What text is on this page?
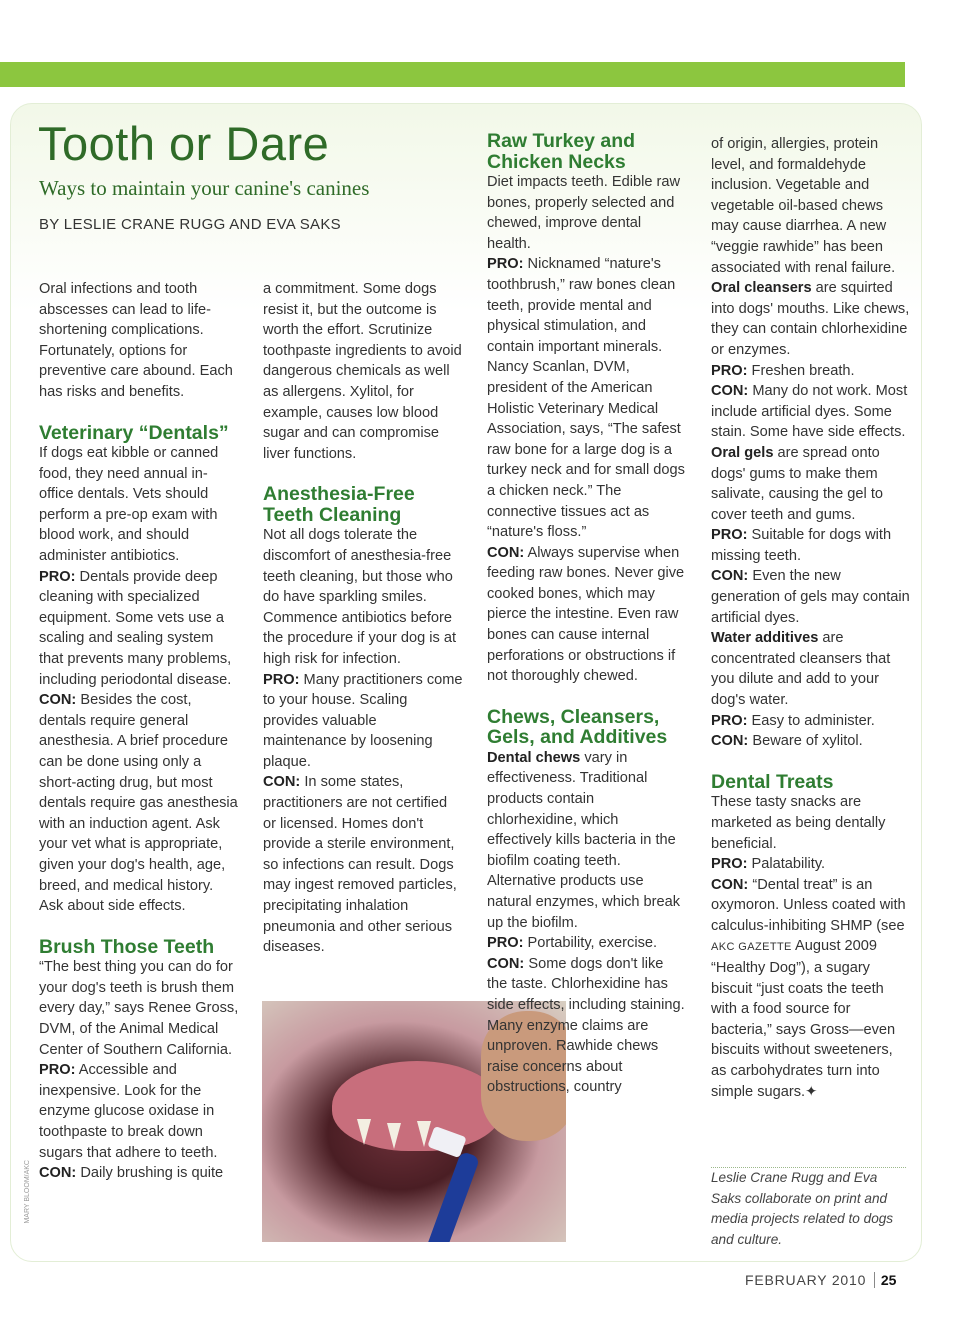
Tooth or Dare

Ways to maintain your canine's canines

BY LESLIE CRANE RUGG AND EVA SAKS

Oral infections and tooth abscesses can lead to life-shortening complications. Fortunately, options for preventive care abound. Each has risks and benefits.

Veterinary “Dentals”

If dogs eat kibble or canned food, they need annual in-office dentals. Vets should perform a pre-op exam with blood work, and should administer antibiotics.

PRO: Dentals provide deep cleaning with specialized equipment. Some vets use a scaling and sealing system that prevents many problems, including periodontal disease.

CON: Besides the cost, dentals require general anesthesia. A brief procedure can be done using only a short-acting drug, but most dentals require gas anesthesia with an induction agent. Ask your vet what is appropriate, given your dog's health, age, breed, and medical history. Ask about side effects.

Brush Those Teeth

“The best thing you can do for your dog's teeth is brush them every day,” says Renee Gross, DVM, of the Animal Medical Center of Southern California.

PRO: Accessible and inexpensive. Look for the enzyme glucose oxidase in toothpaste to break down sugars that adhere to teeth.

CON: Daily brushing is quite

a commitment. Some dogs resist it, but the outcome is worth the effort. Scrutinize toothpaste ingredients to avoid dangerous chemicals as well as allergens. Xylitol, for example, causes low blood sugar and can compromise liver functions.

Anesthesia-Free Teeth Cleaning

Not all dogs tolerate the discomfort of anesthesia-free teeth cleaning, but those who do have sparkling smiles. Commence antibiotics before the procedure if your dog is at high risk for infection.

PRO: Many practitioners come to your house. Scaling provides valuable maintenance by loosening plaque.

CON: In some states, practitioners are not certified or licensed. Homes don't provide a sterile environment, so infections can result. Dogs may ingest removed particles, precipitating inhalation pneumonia and other serious diseases.

MARY BLOOM/AKC
Raw Turkey and Chicken Necks

Diet impacts teeth. Edible raw bones, properly selected and chewed, improve dental health.

PRO: Nicknamed “nature's toothbrush,” raw bones clean teeth, provide mental and physical stimulation, and contain important minerals. Nancy Scanlan, DVM, president of the American Holistic Veterinary Medical Association, says, “The safest raw bone for a large dog is a turkey neck and for small dogs a chicken neck.” The connective tissues act as “nature's floss.”

CON: Always supervise when feeding raw bones. Never give cooked bones, which may pierce the intestine. Even raw bones can cause internal perforations or obstructions if not thoroughly chewed.

Chews, Cleansers, Gels, and Additives

Dental chews vary in effectiveness. Traditional products contain chlorhexidine, which effectively kills bacteria in the biofilm coating teeth. Alternative products use natural enzymes, which break up the biofilm.

PRO: Portability, exercise.

CON: Some dogs don't like

the taste. Chlorhexidine has side effects, including staining. Many enzyme claims are unproven. Rawhide chews raise concerns about obstructions, country

of origin, allergies, protein level, and formaldehyde inclusion. Vegetable and vegetable oil-based chews may cause diarrhea. A new “veggie rawhide” has been associated with renal failure.

Oral cleansers are squirted into dogs' mouths. Like chews, they can contain chlorhexidine or enzymes.

PRO: Freshen breath.

CON: Many do not work. Most include artificial dyes. Some stain. Some have side effects.

Oral gels are spread onto dogs' gums to make them salivate, causing the gel to cover teeth and gums.

PRO: Suitable for dogs with missing teeth.

CON: Even the new generation of gels may contain artificial dyes.

Water additives are concentrated cleansers that you dilute and add to your dog's water.

PRO: Easy to administer.

CON: Beware of xylitol.

Dental Treats

These tasty snacks are marketed as being dentally beneficial.

PRO: Palatability.

CON: “Dental treat” is an oxymoron. Unless coated with calculus-inhibiting SHMP (see AKC GAZETTE August 2009 “Healthy Dog”), a sugary biscuit “just coats the teeth with a food source for bacteria,” says Gross—even biscuits without sweeteners, as carbohydrates turn into simple sugars.✦

Leslie Crane Rugg and Eva Saks collaborate on print and media projects related to dogs and culture.

FEBRUARY 2010 25
